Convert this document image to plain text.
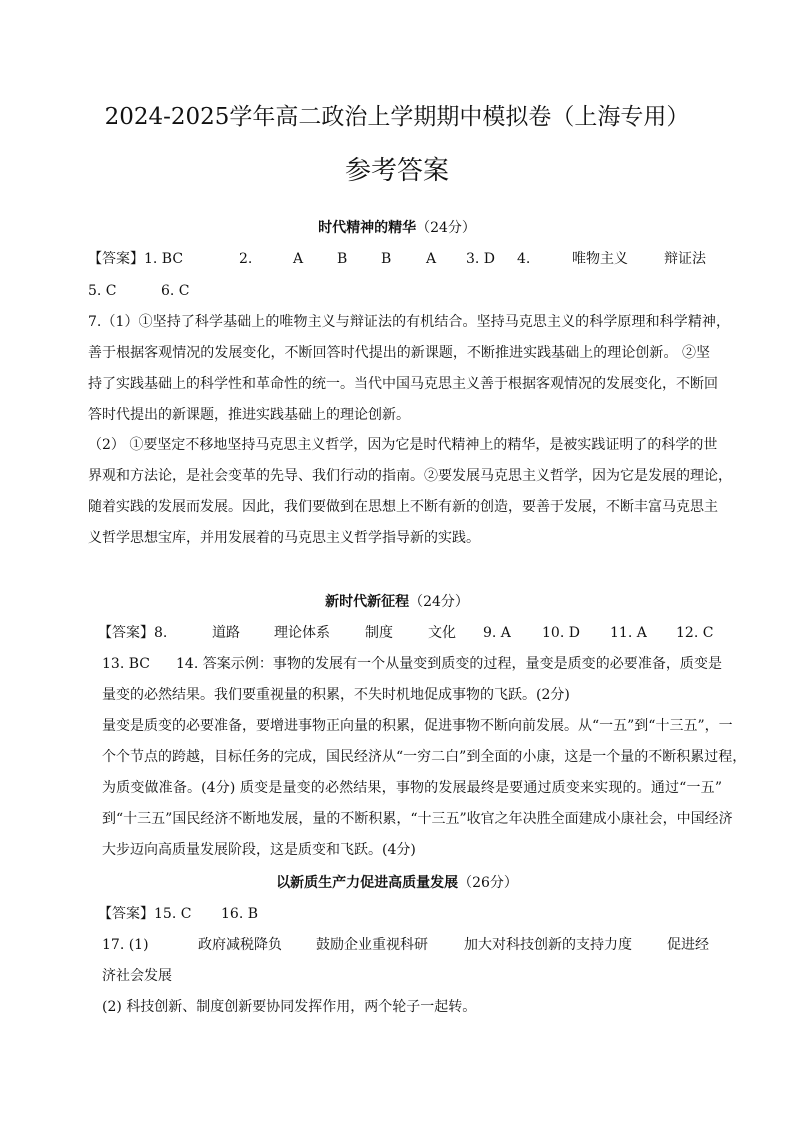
2024-2025学年高二政治上学期期中模拟卷（上海专用）
参考答案
时代精神的精华（24分）
【答案】1. BC	2.	A B B A 3. D 4.	唯物主义	辩证法
5. C	6. C
7.（1）①坚持了科学基础上的唯物主义与辩证法的有机结合。坚持马克思主义的科学原理和科学精神，
善于根据客观情况的发展变化，不断回答时代提出的新课题，不断推进实践基础上的理论创新。 ②坚
持了实践基础上的科学性和革命性的统一。当代中国马克思主义善于根据客观情况的发展变化，不断回
答时代提出的新课题，推进实践基础上的理论创新。
（2） ①要坚定不移地坚持马克思主义哲学，因为它是时代精神上的精华，是被实践证明了的科学的世
界观和方法论，是社会变革的先导、我们行动的指南。②要发展马克思主义哲学，因为它是发展的理论，
随着实践的发展而发展。因此，我们要做到在思想上不断有新的创造，要善于发展，不断丰富马克思主
义哲学思想宝库，并用发展着的马克思主义哲学指导新的实践。
新时代新征程（24分）
【答案】8.	道路 理论体系	制度	文化 9. A 10. D 11. A 12. C
13. BC 14. 答案示例：事物的发展有一个从量变到质变的过程，量变是质变的必要准备，质变是
量变的必然结果。我们要重视量的积累，不失时机地促成事物的飞跃。(2分)
量变是质变的必要准备，要增进事物正向量的积累，促进事物不断向前发展。从“一五”到“十三五”，一
个个节点的跨越，目标任务的完成，国民经济从“一穷二白”到全面的小康，这是一个量的不断积累过程，
为质变做准备。(4分) 质变是量变的必然结果，事物的发展最终是要通过质变来实现的。通过“一五”
到“十三五”国民经济不断地发展，量的不断积累，“十三五”收官之年决胜全面建成小康社会，中国经济
大步迈向高质量发展阶段，这是质变和飞跃。(4分)
以新质生产力促进高质量发展（26分）
【答案】15. C 16. B
17. (1)	政府减税降负 鼓励企业重视科研	加大对科技创新的支持力度	促进经
济社会发展
(2) 科技创新、制度创新要协同发挥作用，两个轮子一起转。
